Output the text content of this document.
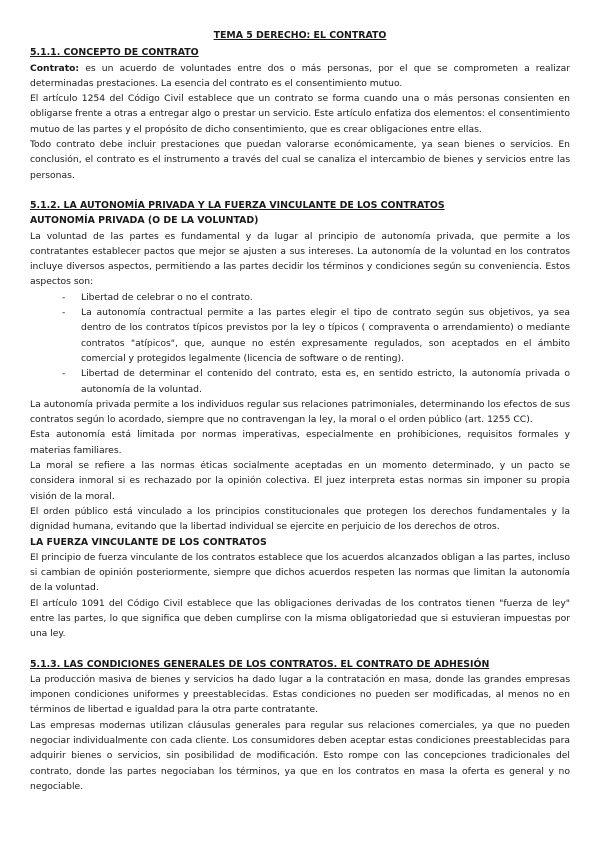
TEMA 5 DERECHO: EL CONTRATO
5.1.1. CONCEPTO DE CONTRATO

Contrato: es un acuerdo de voluntades entre dos o más personas, por el que se comprometen a realizar determinadas prestaciones. La esencia del contrato es el consentimiento mutuo.

El artículo 1254 del Código Civil establece que un contrato se forma cuando una o más personas consienten en obligarse frente a otras a entregar algo o prestar un servicio. Este artículo enfatiza dos elementos: el consentimiento mutuo de las partes y el propósito de dicho consentimiento, que es crear obligaciones entre ellas.

Todo contrato debe incluir prestaciones que puedan valorarse económicamente, ya sean bienes o servicios. En conclusión, el contrato es el instrumento a través del cual se canaliza el intercambio de bienes y servicios entre las personas.

5.1.2. LA AUTONOMÍA PRIVADA Y LA FUERZA VINCULANTE DE LOS CONTRATOS
AUTONOMÍA PRIVADA (O DE LA VOLUNTAD)

La voluntad de las partes es fundamental y da lugar al principio de autonomía privada, que permite a los contratantes establecer pactos que mejor se ajusten a sus intereses. La autonomía de la voluntad en los contratos incluye diversos aspectos, permitiendo a las partes decidir los términos y condiciones según su conveniencia. Estos aspectos son:

- Libertad de celebrar o no el contrato.
- La autonomía contractual permite a las partes elegir el tipo de contrato según sus objetivos, ya sea dentro de los contratos típicos previstos por la ley o típicos ( compraventa o arrendamiento) o mediante contratos "atípicos", que, aunque no estén expresamente regulados, son aceptados en el ámbito comercial y protegidos legalmente (licencia de software o de renting).
- Libertad de determinar el contenido del contrato, esta es, en sentido estricto, la autonomía privada o autonomía de la voluntad.

La autonomía privada permite a los individuos regular sus relaciones patrimoniales, determinando los efectos de sus contratos según lo acordado, siempre que no contravengan la ley, la moral o el orden público (art. 1255 CC).

Esta autonomía está limitada por normas imperativas, especialmente en prohibiciones, requisitos formales y materias familiares.

La moral se refiere a las normas éticas socialmente aceptadas en un momento determinado, y un pacto se considera inmoral si es rechazado por la opinión colectiva. El juez interpreta estas normas sin imponer su propia visión de la moral.

El orden público está vinculado a los principios constitucionales que protegen los derechos fundamentales y la dignidad humana, evitando que la libertad individual se ejercite en perjuicio de los derechos de otros.

LA FUERZA VINCULANTE DE LOS CONTRATOS

El principio de fuerza vinculante de los contratos establece que los acuerdos alcanzados obligan a las partes, incluso si cambian de opinión posteriormente, siempre que dichos acuerdos respeten las normas que limitan la autonomía de la voluntad.

El artículo 1091 del Código Civil establece que las obligaciones derivadas de los contratos tienen "fuerza de ley" entre las partes, lo que significa que deben cumplirse con la misma obligatoriedad que si estuvieran impuestas por una ley.

5.1.3. LAS CONDICIONES GENERALES DE LOS CONTRATOS. EL CONTRATO DE ADHESIÓN

La producción masiva de bienes y servicios ha dado lugar a la contratación en masa, donde las grandes empresas imponen condiciones uniformes y preestablecidas. Estas condiciones no pueden ser modificadas, al menos no en términos de libertad e igualdad para la otra parte contratante.

Las empresas modernas utilizan cláusulas generales para regular sus relaciones comerciales, ya que no pueden negociar individualmente con cada cliente. Los consumidores deben aceptar estas condiciones preestablecidas para adquirir bienes o servicios, sin posibilidad de modificación. Esto rompe con las concepciones tradicionales del contrato, donde las partes negociaban los términos, ya que en los contratos en masa la oferta es general y no negociable.
